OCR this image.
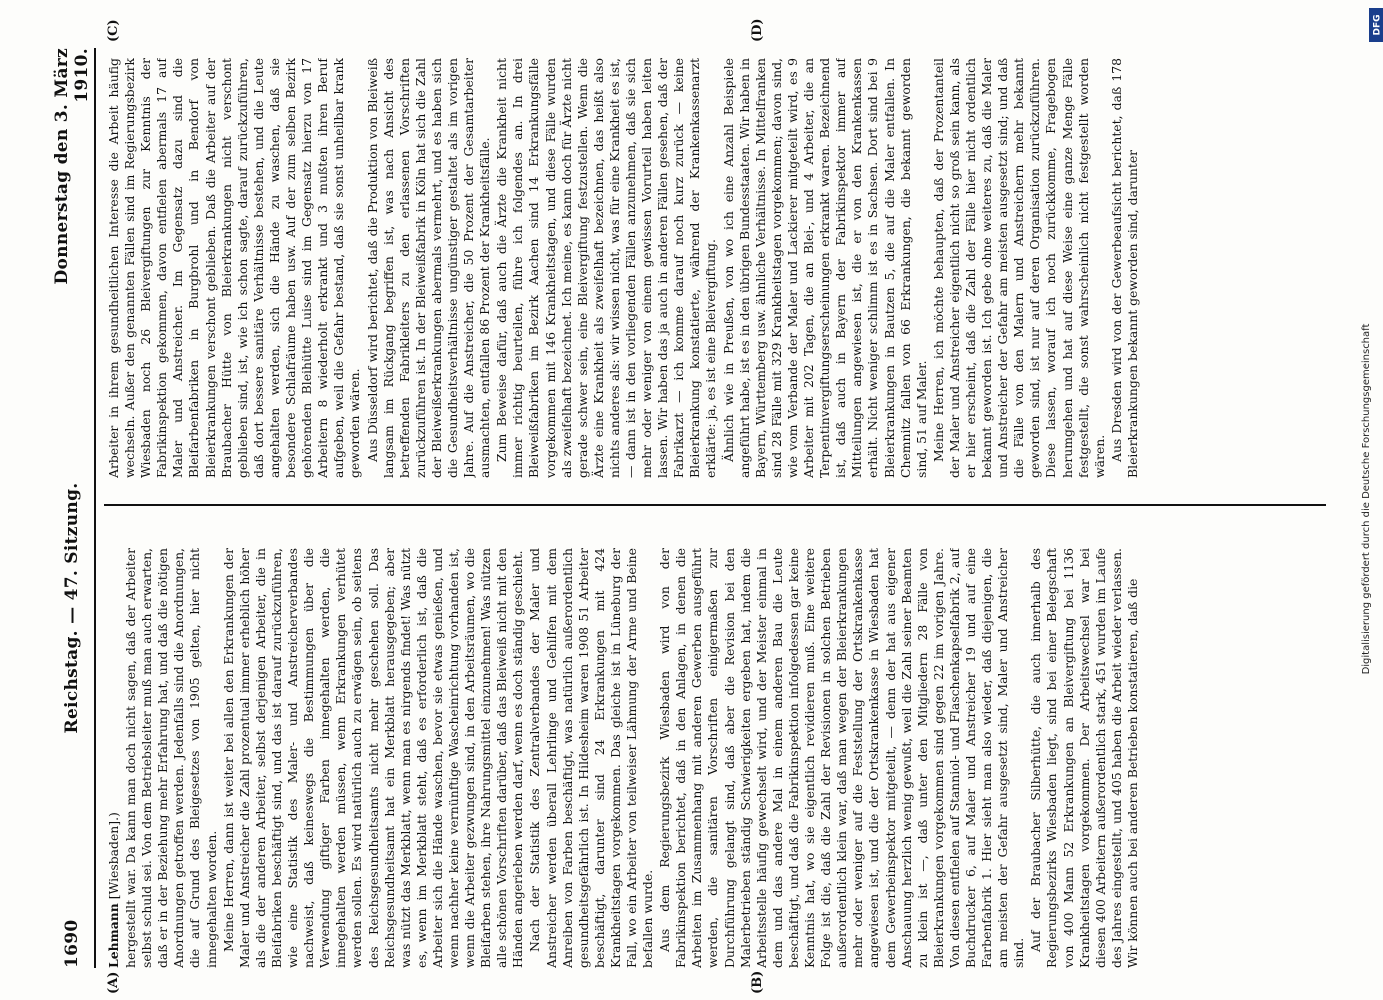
1690
Reichstag. — 47. Sitzung.
Donnerstag den 3. März 1910.
(A)	(B)
(C)	(D)

Lehmann [Wiesbaden].) hergestellt war. Da kann man doch nicht sagen, daß der Arbeiter selbst schuld sei. Von dem Betriebsleiter muß man auch erwarten, daß er in der Beziehung mehr Erfahrung hat, und daß die nötigen Anordnungen getroffen werden. Jedenfalls sind die Anordnungen, die auf Grund des Bleigesetzes von 1905 gelten, hier nicht innegehalten worden. Meine Herren, dann ist weiter bei allen den Erkrankungen der Maler und Anstreicher die Zahl prozentual immer erheblich höher als die der anderen Arbeiter, selbst derjenigen Arbeiter, die in Bleifabriken beschäftigt sind, und das ist darauf zurückzuführen, wie eine Statistik des Maler- und Anstreicherverbandes nachweist, daß keineswegs die Bestimmungen über die Verwendung giftiger Farben innegehalten werden, die innegehalten werden müssen, wenn Erkrankungen verhütet werden sollen. Es wird natürlich auch zu erwägen sein, ob seitens des Reichsgesundheitsamts nicht mehr geschehen soll. Das Reichsgesundheitsamt hat ein Merkblatt herausgegeben; aber was nützt das Merkblatt, wenn man es nirgends findet! Was nützt es, wenn im Merkblatt steht, daß es erforderlich ist, daß die Arbeiter sich die Hände waschen, bevor sie etwas genießen, und wenn nachher keine vernünftige Wascheinrichtung vorhanden ist, wenn die Arbeiter gezwungen sind, in den Arbeitsräumen, wo die Bleifarben stehen, ihre Nahrungsmittel einzunehmen! Was nützen alle schönen Vorschriften darüber, daß das Bleiweiß nicht mit den Händen angerieben werden darf, wenn es doch ständig geschieht. Nach der Statistik des Zentralverbandes der Maler und Anstreicher werden überall Lehrlinge und Gehilfen mit dem Anreiben von Farben beschäftigt, was natürlich außerordentlich gesundheitsgefährlich ist. In Hildesheim waren 1908 51 Arbeiter beschäftigt, darunter sind 24 Erkrankungen mit 424 Krankheitstagen vorgekommen. Das gleiche ist in Lüneburg der Fall, wo ein Arbeiter von teilweiser Lähmung der Arme und Beine befallen wurde. Aus dem Regierungsbezirk Wiesbaden wird von der Fabrikinspektion berichtet, daß in den Anlagen, in denen die Arbeiten im Zusammenhang mit anderen Gewerben ausgeführt werden, die sanitären Vorschriften einigermaßen zur Durchführung gelangt sind, daß aber die Revision bei den Malerbetrieben ständig Schwierigkeiten ergeben hat, indem die Arbeitsstelle häufig gewechselt wird, und der Meister einmal in dem und das andere Mal in einem anderen Bau die Leute beschäftigt, und daß die Fabrikinspektion infolgedessen gar keine Kenntnis hat, wo sie eigentlich revidieren muß. Eine weitere Folge ist die, daß die Zahl der Revisionen in solchen Betrieben außerordentlich klein war, daß man wegen der Bleierkrankungen mehr oder weniger auf die Feststellung der Ortskrankenkasse angewiesen ist, und die der Ortskrankenkasse in Wiesbaden hat dem Gewerbeinspektor mitgeteilt, — denn der hat aus eigener Anschauung herzlich wenig gewußt, weil die Zahl seiner Beamten zu klein ist —, daß unter den Mitgliedern 28 Fälle von Bleierkrankungen vorgekommen sind gegen 22 im vorigen Jahre. Von diesen entfielen auf Stanniol- und Flaschenkapselfabrik 2, auf Buchdrucker 6, auf Maler und Anstreicher 19 und auf eine Farbenfabrik 1. Hier sieht man also wieder, daß diejenigen, die am meisten der Gefahr ausgesetzt sind, Maler und Anstreicher sind.

Auf der Braubacher Silberhütte, die auch innerhalb des Regierungsbezirks Wiesbaden liegt, sind bei einer Belegschaft von 400 Mann 52 Erkrankungen an Bleivergiftung bei 1136 Krankheitstagen vorgekommen. Der Arbeitswechsel war bei diesen 400 Arbeitern außerordentlich stark, 451 wurden im Laufe des Jahres eingestellt, und 405 haben die Arbeit wieder verlassen. Wir können auch bei anderen Betrieben konstatieren, daß die

Arbeiter in ihrem gesundheitlichen Interesse die Arbeit häufig wechseln. Außer den genannten Fällen sind im Regierungsbezirk Wiesbaden noch 26 Bleivergiftungen zur Kenntnis der Fabrikinspektion gekommen, davon entfielen abermals 17 auf Maler und Anstreicher. Im Gegensatz dazu sind die Bleifarbenfabriken in Burgbrohl und in Bendorf von Bleierkrankungen verschont geblieben. Daß die Arbeiter auf der Braubacher Hütte von Bleierkrankungen nicht verschont geblieben sind, ist, wie ich schon sagte, darauf zurückzuführen, daß dort bessere sanitäre Verhältnisse bestehen, und die Leute angehalten werden, sich die Hände zu waschen, daß sie besondere Schlafräume haben usw. Auf der zum selben Bezirk gehörenden Bleihütte Luise sind im Gegensatz hierzu von 17 Arbeitern 8 wiederholt erkrankt und 3 mußten ihren Beruf aufgeben, weil die Gefahr bestand, daß sie sonst unheilbar krank geworden wären. Aus Düsseldorf wird berichtet, daß die Produktion von Bleiweiß langsam im Rückgang begriffen ist, was nach Ansicht des betreffenden Fabrikleiters zu den erlassenen Vorschriften zurückzuführen ist. In der Bleiweißfabrik in Köln hat sich die Zahl der Bleiweißerkrankungen abermals vermehrt, und es haben sich die Gesundheitsverhältnisse ungünstiger gestaltet als im vorigen Jahre. Auf die Anstreicher, die 50 Prozent der Gesamtarbeiter ausmachten, entfallen 86 Prozent der Krankheitsfälle. Zum Beweise dafür, daß auch die Ärzte die Krankheit nicht immer richtig beurteilen, führe ich folgendes an. In drei Bleiweißfabriken im Bezirk Aachen sind 14 Erkrankungsfälle vorgekommen mit 146 Krankheitstagen, und diese Fälle wurden als zweifelhaft bezeichnet. Ich meine, es kann doch für Ärzte nicht gerade schwer sein, eine Bleivergiftung festzustellen. Wenn die Ärzte eine Krankheit als zweifelhaft bezeichnen, das heißt also nichts anderes als: wir wissen nicht, was für eine Krankheit es ist, — dann ist in den vorliegenden Fällen anzunehmen, daß sie sich mehr oder weniger von einem gewissen Vorurteil haben leiten lassen. Wir haben das ja auch in anderen Fällen gesehen, daß der Fabrikarzt — ich komme darauf noch kurz zurück — keine Bleierkrankung konstatierte, während der Krankenkassenarzt erklärte: ja, es ist eine Bleivergiftung. Ähnlich wie in Preußen, von wo ich eine Anzahl Beispiele angeführt habe, ist es in den übrigen Bundesstaaten. Wir haben in Bayern, Württemberg usw. ähnliche Verhältnisse. In Mittelfranken sind 28 Fälle mit 329 Krankheitstagen vorgekommen; davon sind, wie vom Verbande der Maler und Lackierer mitgeteilt wird, es 9 Arbeiter mit 202 Tagen, die an Blei-, und 4 Arbeiter, die an Terpentinvergiftungserscheinungen erkrankt waren. Bezeichnend ist, daß auch in Bayern der Fabrikinspektor immer auf Mitteilungen angewiesen ist, die er von den Krankenkassen erhält. Nicht weniger schlimm ist es in Sachsen. Dort sind bei 9 Bleierkrankungen in Bautzen 5, die auf die Maler entfallen. In Chemnitz fallen von 66 Erkrankungen, die bekannt geworden sind, 51 auf Maler. Meine Herren, ich möchte behaupten, daß der Prozentanteil der Maler und Anstreicher eigentlich nicht so groß sein kann, als er hier erscheint, daß die Zahl der Fälle hier nicht ordentlich bekannt geworden ist. Ich gebe ohne weiteres zu, daß die Maler und Anstreicher der Gefahr am meisten ausgesetzt sind; und daß die Fälle von den Malern und Anstreichern mehr bekannt geworden sind, ist nur auf deren Organisation zurückzuführen. Diese lassen, worauf ich noch zurückkomme, Fragebogen herumgehen und hat auf diese Weise eine ganze Menge Fälle festgestellt, die sonst wahrscheinlich nicht festgestellt worden wären. Aus Dresden wird von der Gewerbeaufsicht berichtet, daß 178 Bleierkrankungen bekannt geworden sind, darunter

Digitalisierung gefördert durch die Deutsche Forschungsgemeinschaft
DFG
